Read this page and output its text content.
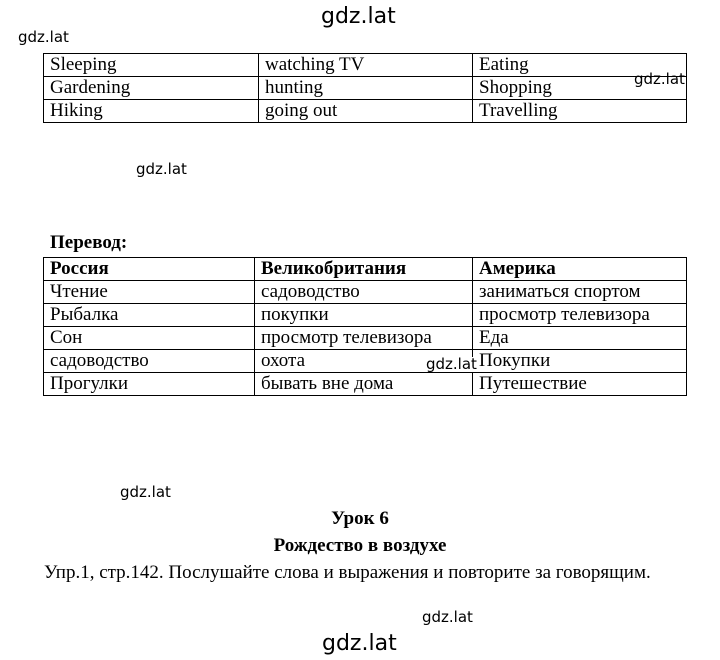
gdz.lat
gdz.lat
gdz.lat
gdz.lat
gdz.lat
gdz.lat
gdz.lat
Sleeping	watching TV	Eating
Gardening	hunting	Shopping
Hiking	going out	Travelling
Перевод:
Россия	Великобритания	Америка
Чтение	садоводство	заниматься спортом
Рыбалка	покупки	просмотр телевизора
Сон	просмотр телевизора	Еда
садоводство	охота	Покупки
Прогулки	бывать вне дома	Путешествие
gdz.lat
Урок 6
Рождество в воздухе
Упр.1, стр.142. Послушайте слова и выражения и повторите за говорящим.
